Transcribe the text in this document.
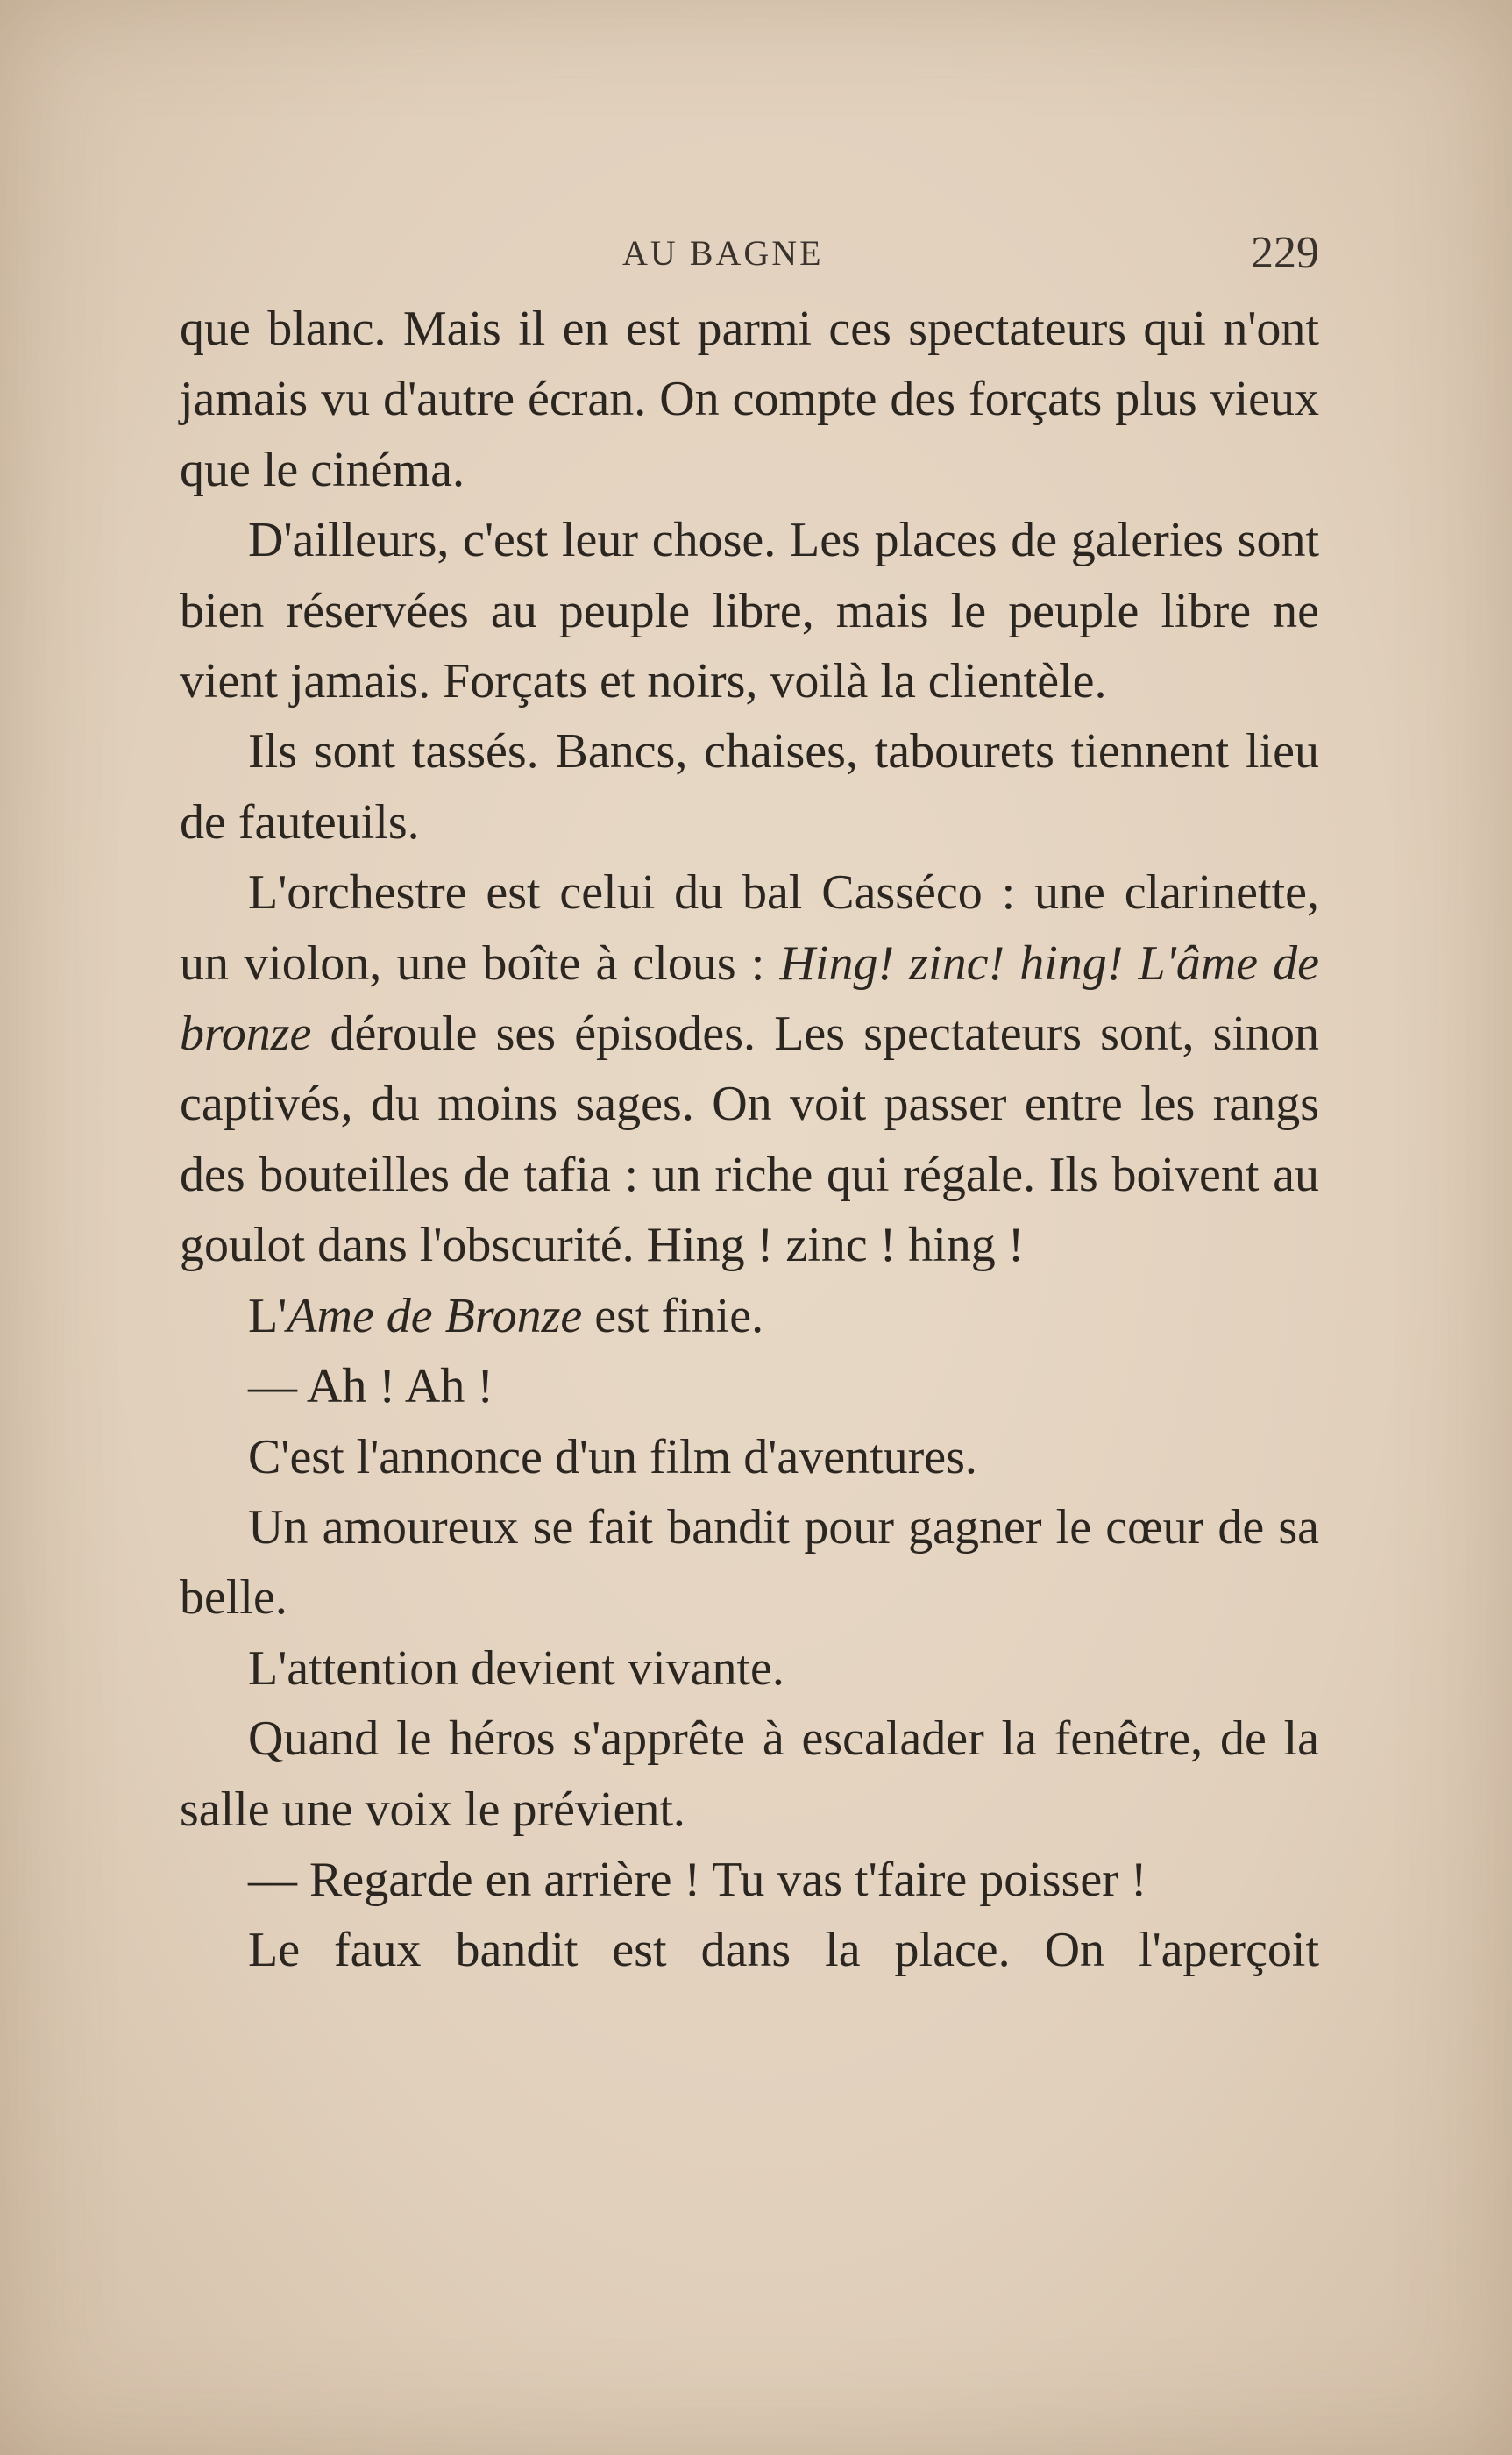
AU BAGNE	229

que blanc. Mais il en est parmi ces spectateurs qui n'ont jamais vu d'autre écran. On compte des forçats plus vieux que le cinéma.

D'ailleurs, c'est leur chose. Les places de galeries sont bien réservées au peuple libre, mais le peuple libre ne vient jamais. Forçats et noirs, voilà la clientèle.

Ils sont tassés. Bancs, chaises, tabourets tiennent lieu de fauteuils.

L'orchestre est celui du bal Casséco : une clarinette, un violon, une boîte à clous : Hing! zinc! hing! L'âme de bronze déroule ses épisodes. Les spectateurs sont, sinon captivés, du moins sages. On voit passer entre les rangs des bouteilles de tafia : un riche qui régale. Ils boivent au goulot dans l'obscurité. Hing ! zinc ! hing !

L'Ame de Bronze est finie.

— Ah ! Ah !

C'est l'annonce d'un film d'aventures.

Un amoureux se fait bandit pour gagner le cœur de sa belle.

L'attention devient vivante.

Quand le héros s'apprête à escalader la fenêtre, de la salle une voix le prévient.

— Regarde en arrière ! Tu vas t'faire poisser !

Le faux bandit est dans la place. On l'aperçoit
